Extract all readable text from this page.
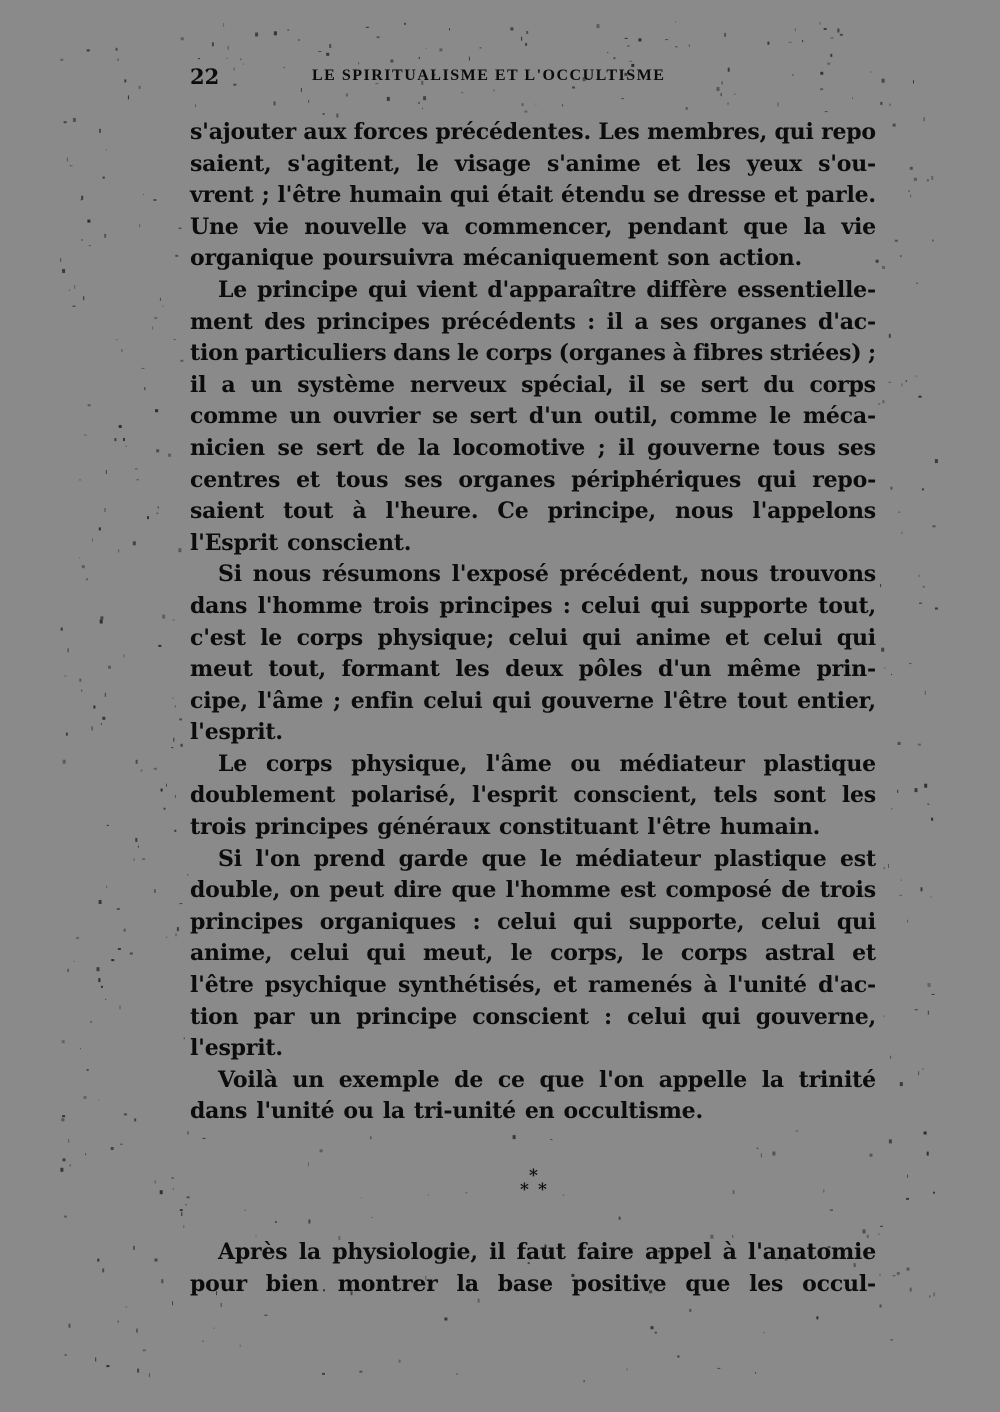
22	LE SPIRITUALISME ET L'OCCULTISME
s'ajouter aux forces précédentes. Les membres, qui repo
saient, s'agitent, le visage s'anime et les yeux s'ou-
vrent ; l'être humain qui était étendu se dresse et parle.
Une vie nouvelle va commencer, pendant que la vie
organique poursuivra mécaniquement son action.
Le principe qui vient d'apparaître diffère essentielle-
ment des principes précédents : il a ses organes d'ac-
tion particuliers dans le corps (organes à fibres striées) ;
il a un système nerveux spécial, il se sert du corps
comme un ouvrier se sert d'un outil, comme le méca-
nicien se sert de la locomotive ; il gouverne tous ses
centres et tous ses organes périphériques qui repo-
saient tout à l'heure. Ce principe, nous l'appelons
l'Esprit conscient.
Si nous résumons l'exposé précédent, nous trouvons
dans l'homme trois principes : celui qui supporte tout,
c'est le corps physique; celui qui anime et celui qui
meut tout, formant les deux pôles d'un même prin-
cipe, l'âme ; enfin celui qui gouverne l'être tout entier,
l'esprit.
Le corps physique, l'âme ou médiateur plastique
doublement polarisé, l'esprit conscient, tels sont les
trois principes généraux constituant l'être humain.
Si l'on prend garde que le médiateur plastique est
double, on peut dire que l'homme est composé de trois
principes organiques : celui qui supporte, celui qui
anime, celui qui meut, le corps, le corps astral et
l'être psychique synthétisés, et ramenés à l'unité d'ac-
tion par un principe conscient : celui qui gouverne,
l'esprit.
Voilà un exemple de ce que l'on appelle la trinité
dans l'unité ou la tri-unité en occultisme.
*
* *
Après la physiologie, il faut faire appel à l'anatomie
pour bien montrer la base positive que les occul-
